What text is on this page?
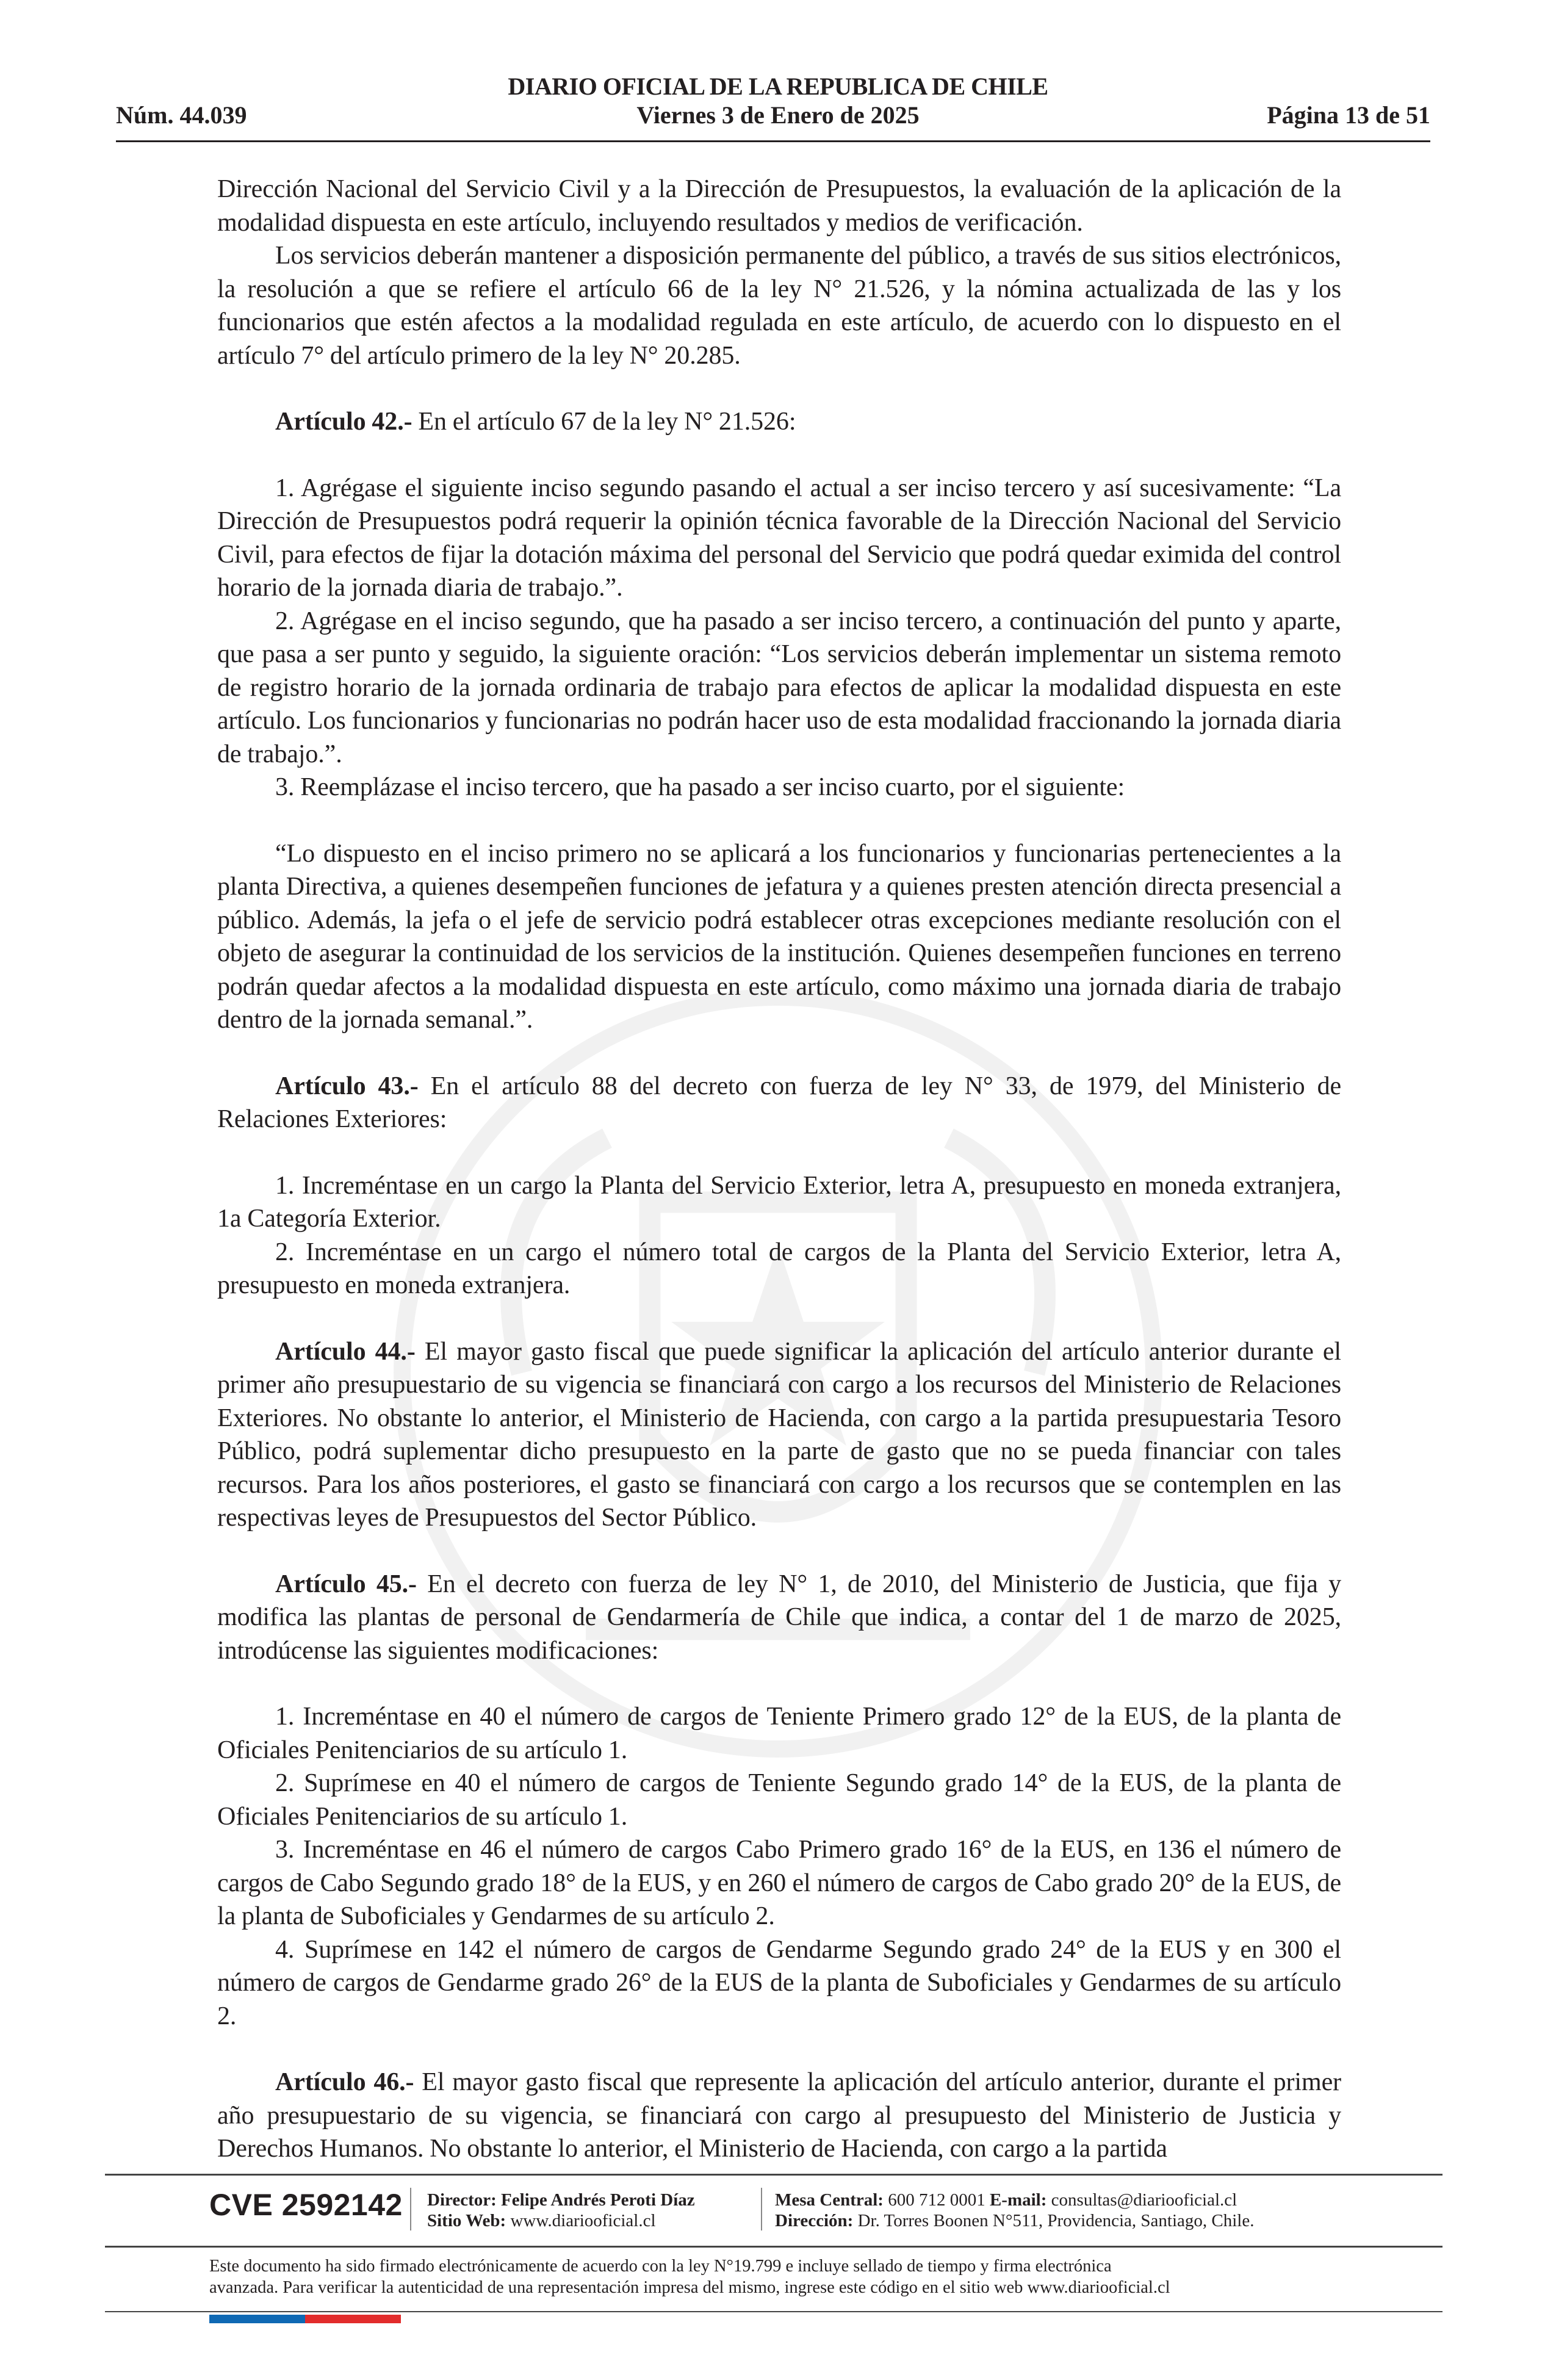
DIARIO OFICIAL DE LA REPUBLICA DE CHILE
Núm. 44.039	Viernes 3 de Enero de 2025	Página 13 de 51

Dirección Nacional del Servicio Civil y a la Dirección de Presupuestos, la evaluación de la aplicación de la modalidad dispuesta en este artículo, incluyendo resultados y medios de verificación.

Los servicios deberán mantener a disposición permanente del público, a través de sus sitios electrónicos, la resolución a que se refiere el artículo 66 de la ley N° 21.526, y la nómina actualizada de las y los funcionarios que estén afectos a la modalidad regulada en este artículo, de acuerdo con lo dispuesto en el artículo 7° del artículo primero de la ley N° 20.285.

Artículo 42.- En el artículo 67 de la ley N° 21.526:

1. Agrégase el siguiente inciso segundo pasando el actual a ser inciso tercero y así sucesivamente: “La Dirección de Presupuestos podrá requerir la opinión técnica favorable de la Dirección Nacional del Servicio Civil, para efectos de fijar la dotación máxima del personal del Servicio que podrá quedar eximida del control horario de la jornada diaria de trabajo.”.

2. Agrégase en el inciso segundo, que ha pasado a ser inciso tercero, a continuación del punto y aparte, que pasa a ser punto y seguido, la siguiente oración: “Los servicios deberán implementar un sistema remoto de registro horario de la jornada ordinaria de trabajo para efectos de aplicar la modalidad dispuesta en este artículo. Los funcionarios y funcionarias no podrán hacer uso de esta modalidad fraccionando la jornada diaria de trabajo.”.

3. Reemplázase el inciso tercero, que ha pasado a ser inciso cuarto, por el siguiente:

“Lo dispuesto en el inciso primero no se aplicará a los funcionarios y funcionarias pertenecientes a la planta Directiva, a quienes desempeñen funciones de jefatura y a quienes presten atención directa presencial a público. Además, la jefa o el jefe de servicio podrá establecer otras excepciones mediante resolución con el objeto de asegurar la continuidad de los servicios de la institución. Quienes desempeñen funciones en terreno podrán quedar afectos a la modalidad dispuesta en este artículo, como máximo una jornada diaria de trabajo dentro de la jornada semanal.”.

Artículo 43.- En el artículo 88 del decreto con fuerza de ley N° 33, de 1979, del Ministerio de Relaciones Exteriores:

1. Increméntase en un cargo la Planta del Servicio Exterior, letra A, presupuesto en moneda extranjera, 1a Categoría Exterior.

2. Increméntase en un cargo el número total de cargos de la Planta del Servicio Exterior, letra A, presupuesto en moneda extranjera.

Artículo 44.- El mayor gasto fiscal que puede significar la aplicación del artículo anterior durante el primer año presupuestario de su vigencia se financiará con cargo a los recursos del Ministerio de Relaciones Exteriores. No obstante lo anterior, el Ministerio de Hacienda, con cargo a la partida presupuestaria Tesoro Público, podrá suplementar dicho presupuesto en la parte de gasto que no se pueda financiar con tales recursos. Para los años posteriores, el gasto se financiará con cargo a los recursos que se contemplen en las respectivas leyes de Presupuestos del Sector Público.

Artículo 45.- En el decreto con fuerza de ley N° 1, de 2010, del Ministerio de Justicia, que fija y modifica las plantas de personal de Gendarmería de Chile que indica, a contar del 1 de marzo de 2025, introdúcense las siguientes modificaciones:

1. Increméntase en 40 el número de cargos de Teniente Primero grado 12° de la EUS, de la planta de Oficiales Penitenciarios de su artículo 1.

2. Suprímese en 40 el número de cargos de Teniente Segundo grado 14° de la EUS, de la planta de Oficiales Penitenciarios de su artículo 1.

3. Increméntase en 46 el número de cargos Cabo Primero grado 16° de la EUS, en 136 el número de cargos de Cabo Segundo grado 18° de la EUS, y en 260 el número de cargos de Cabo grado 20° de la EUS, de la planta de Suboficiales y Gendarmes de su artículo 2.

4. Suprímese en 142 el número de cargos de Gendarme Segundo grado 24° de la EUS y en 300 el número de cargos de Gendarme grado 26° de la EUS de la planta de Suboficiales y Gendarmes de su artículo 2.

Artículo 46.- El mayor gasto fiscal que represente la aplicación del artículo anterior, durante el primer año presupuestario de su vigencia, se financiará con cargo al presupuesto del Ministerio de Justicia y Derechos Humanos. No obstante lo anterior, el Ministerio de Hacienda, con cargo a la partida

CVE 2592142 Director: Felipe Andrés Peroti Díaz
Sitio Web: www.diariooficial.cl
Mesa Central: 600 712 0001 E-mail: consultas@diariooficial.cl
Dirección: Dr. Torres Boonen N°511, Providencia, Santiago, Chile.
Este documento ha sido firmado electrónicamente de acuerdo con la ley N°19.799 e incluye sellado de tiempo y firma electrónica
avanzada. Para verificar la autenticidad de una representación impresa del mismo, ingrese este código en el sitio web www.diariooficial.cl
